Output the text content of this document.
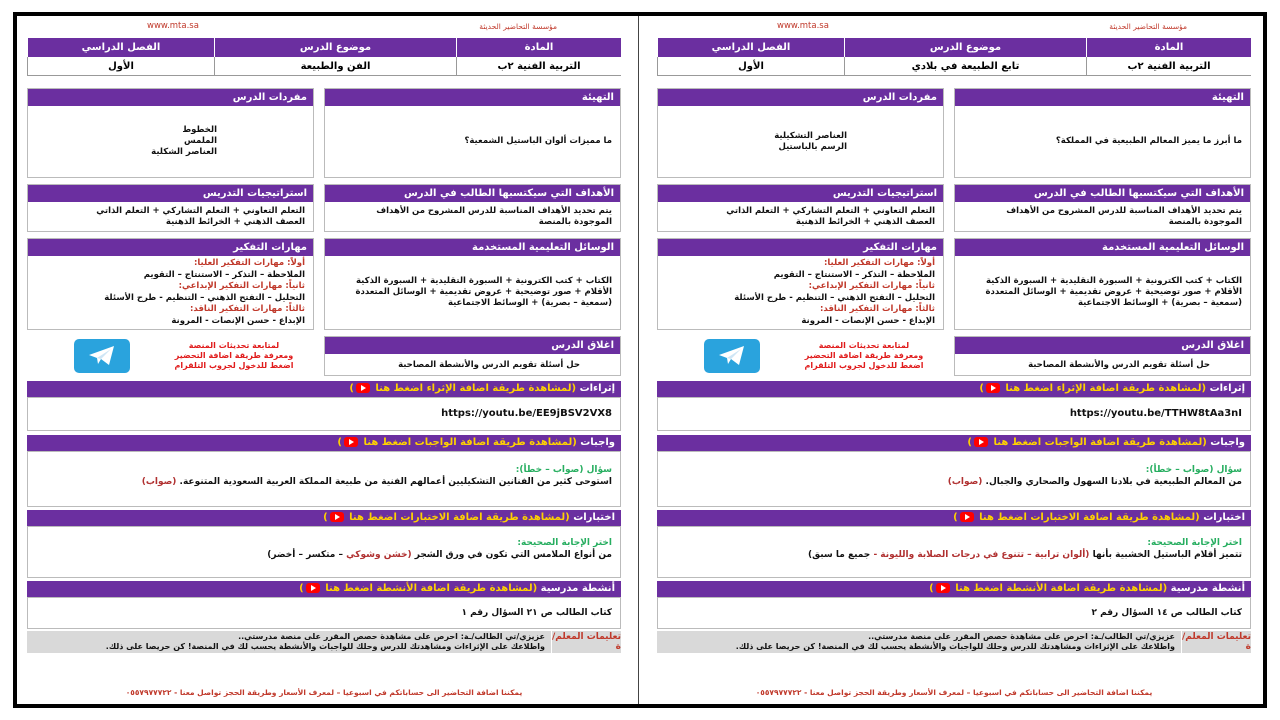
مؤسسة التحاضير الحديثة
www.mta.sa
المادة
موضوع الدرس
الفصل الدراسي
التربية الفنية ٢ب
الفن والطبيعة
الأول
التهيئة
ما مميزات ألوان الباستيل الشمعية؟
مفردات الدرس
الخطوط
الملمس
العناصر الشكلية
الأهداف التي سيكتسبها الطالب في الدرس
يتم تحديد الأهداف المناسبة للدرس المشروح من الأهداف الموجودة بالمنصة
استراتيجيات التدريس
التعلم التعاوني + التعلم التشاركي + التعلم الذاتي
العصف الذهني + الخرائط الذهنية
الوسائل التعليمية المستخدمة
الكتاب + كتب الكترونية + السبورة التقليدية + السبورة الذكية
الأقلام + صور توضيحية + عروض تقديمية + الوسائل المتعددة
(سمعية – بصرية) + الوسائط الاجتماعية
مهارات التفكير
أولاً: مهارات التفكير العليا:
الملاحظة – التذكر – الاستنتاج – التقويم
ثانياً: مهارات التفكير الإبداعي:
التحليل – التفتح الذهني – التنظيم - طرح الأسئلة
ثالثاً: مهارات التفكير الناقد:
الإبداع - حسن الإنصات - المرونة
اغلاق الدرس
حل أسئلة تقويم الدرس والأنشطة المصاحبة
لمتابعة تحديثات المنصة
ومعرفة طريقة اضافة التحضير
اضغط للدخول لجروب التلقرام
إثراءات (لمشاهدة طريقة اضافة الإثراء اضغط هنا )
https://youtu.be/EE9jBSV2VX8
واجبات (لمشاهدة طريقة اضافة الواجبات اضغط هنا )
سؤال (صواب – خطأ):
استوحى كثير من الفنانين التشكيليين أعمالهم الفنية من طبيعة المملكة العربية السعودية المتنوعة. (صواب)
اختبارات (لمشاهدة طريقة اضافة الاختبارات اضغط هنا )
اختر الإجابة الصحيحة:
من أنواع الملامس التي تكون في ورق الشجر (خشن وشوكي – متكسر – أخضر)
أنشطة مدرسية (لمشاهدة طريقة اضافة الأنشطة اضغط هنا )
كتاب الطالب ص ٢١ السؤال رقم ١
تعليمات المعلم/ة
عزيزي/تي الطالب/ـة: احرص على مشاهدة حصص المقرر على منصة مدرستي..
واطلاعك على الإثراءات ومشاهدتك للدرس وحلك للواجبات والأنشطة يحسب لك في المنصة! كن حريصا على ذلك.
يمكننا اضافة التحاضير الى حساباتكم في اسبوعيا – لمعرف الأسعار وطريقة الحجز تواصل معنا - ٠٥٥٧٩٧٧٧٢٢
مؤسسة التحاضير الحديثة
www.mta.sa
المادة
موضوع الدرس
الفصل الدراسي
التربية الفنية ٢ب
تابع الطبيعة في بلادي
الأول
التهيئة
ما أبرز ما يميز المعالم الطبيعية في المملكة؟
مفردات الدرس
العناصر التشكيلية
الرسم بالباستيل
الأهداف التي سيكتسبها الطالب في الدرس
يتم تحديد الأهداف المناسبة للدرس المشروح من الأهداف الموجودة بالمنصة
استراتيجيات التدريس
التعلم التعاوني + التعلم التشاركي + التعلم الذاتي
العصف الذهني + الخرائط الذهنية
الوسائل التعليمية المستخدمة
الكتاب + كتب الكترونية + السبورة التقليدية + السبورة الذكية
الأقلام + صور توضيحية + عروض تقديمية + الوسائل المتعددة
(سمعية – بصرية) + الوسائط الاجتماعية
مهارات التفكير
أولاً: مهارات التفكير العليا:
الملاحظة – التذكر – الاستنتاج – التقويم
ثانياً: مهارات التفكير الإبداعي:
التحليل – التفتح الذهني – التنظيم - طرح الأسئلة
ثالثاً: مهارات التفكير الناقد:
الإبداع - حسن الإنصات - المرونة
اغلاق الدرس
حل أسئلة تقويم الدرس والأنشطة المصاحبة
لمتابعة تحديثات المنصة
ومعرفة طريقة اضافة التحضير
اضغط للدخول لجروب التلقرام
إثراءات (لمشاهدة طريقة اضافة الإثراء اضغط هنا )
https://youtu.be/TTHW8tAa3nI
واجبات (لمشاهدة طريقة اضافة الواجبات اضغط هنا )
سؤال (صواب – خطأ):
من المعالم الطبيعية في بلادنا السهول والصحاري والجبال. (صواب)
اختبارات (لمشاهدة طريقة اضافة الاختبارات اضغط هنا )
اختر الإجابة الصحيحة:
تتميز أقلام الباستيل الخشبية بأنها (ألوان ترابية – تتنوع في درجات الصلابة والليونة - جميع ما سبق)
أنشطة مدرسية (لمشاهدة طريقة اضافة الأنشطة اضغط هنا )
كتاب الطالب ص ١٤ السؤال رقم ٢
تعليمات المعلم/ة
عزيزي/تي الطالب/ـة: احرص على مشاهدة حصص المقرر على منصة مدرستي..
واطلاعك على الإثراءات ومشاهدتك للدرس وحلك للواجبات والأنشطة يحسب لك في المنصة! كن حريصا على ذلك.
يمكننا اضافة التحاضير الى حساباتكم في اسبوعيا – لمعرف الأسعار وطريقة الحجز تواصل معنا - ٠٥٥٧٩٧٧٧٢٢
